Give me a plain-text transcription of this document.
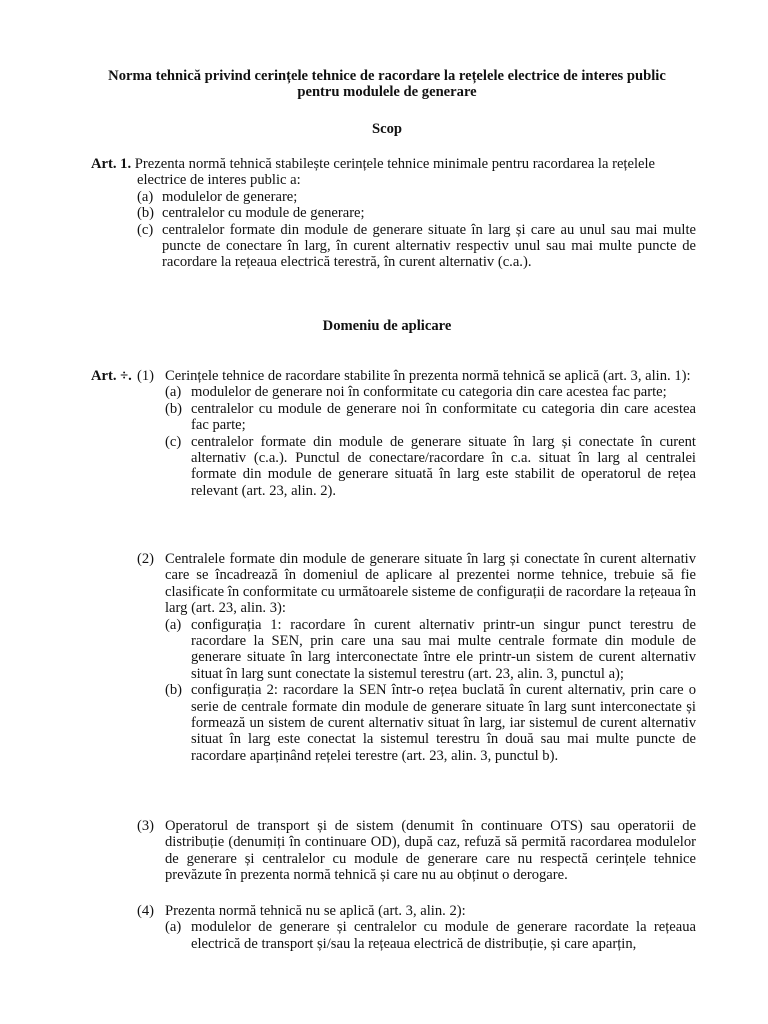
Norma tehnică privind cerințele tehnice de racordare la rețelele electrice de interes public
pentru modulele de generare
Scop
Art. 1. Prezenta normă tehnică stabilește cerințele tehnice minimale pentru racordarea la rețelele
electrice de interes public a:
(a) modulelor de generare;
(b) centralelor cu module de generare;
(c) centralelor formate din module de generare situate în larg și care au unul sau mai multe puncte de conectare în larg, în curent alternativ respectiv unul sau mai multe puncte de racordare la rețeaua electrică terestră, în curent alternativ (c.a.).
Domeniu de aplicare
Art. ÷. (1) Cerințele tehnice de racordare stabilite în prezenta normă tehnică se aplică (art. 3, alin. 1):
(a) modulelor de generare noi în conformitate cu categoria din care acestea fac parte;
(b) centralelor cu module de generare noi în conformitate cu categoria din care acestea fac parte;
(c) centralelor formate din module de generare situate în larg și conectate în curent alternativ (c.a.). Punctul de conectare/racordare în c.a. situat în larg al centralei formate din module de generare situată în larg este stabilit de operatorul de rețea relevant (art. 23, alin. 2).
(2) Centralele formate din module de generare situate în larg și conectate în curent alternativ care se încadrează în domeniul de aplicare al prezentei norme tehnice, trebuie să fie clasificate în conformitate cu următoarele sisteme de configurații de racordare la rețeaua în larg (art. 23, alin. 3):
(a) configurația 1: racordare în curent alternativ printr-un singur punct terestru de racordare la SEN, prin care una sau mai multe centrale formate din module de generare situate în larg interconectate între ele printr-un sistem de curent alternativ situat în larg sunt conectate la sistemul terestru (art. 23, alin. 3, punctul a);
(b) configurația 2: racordare la SEN într-o rețea buclată în curent alternativ, prin care o serie de centrale formate din module de generare situate în larg sunt interconectate și formează un sistem de curent alternativ situat în larg, iar sistemul de curent alternativ situat în larg este conectat la sistemul terestru în două sau mai multe puncte de racordare aparținând rețelei terestre (art. 23, alin. 3, punctul b).
(3) Operatorul de transport și de sistem (denumit în continuare OTS) sau operatorii de distribuție (denumiți în continuare OD), după caz, refuză să permită racordarea modulelor de generare și centralelor cu module de generare care nu respectă cerințele tehnice prevăzute în prezenta normă tehnică și care nu au obținut o derogare.
(4) Prezenta normă tehnică nu se aplică (art. 3, alin. 2):
(a) modulelor de generare și centralelor cu module de generare racordate la rețeaua electrică de transport și/sau la rețeaua electrică de distribuție, și care aparțin,
